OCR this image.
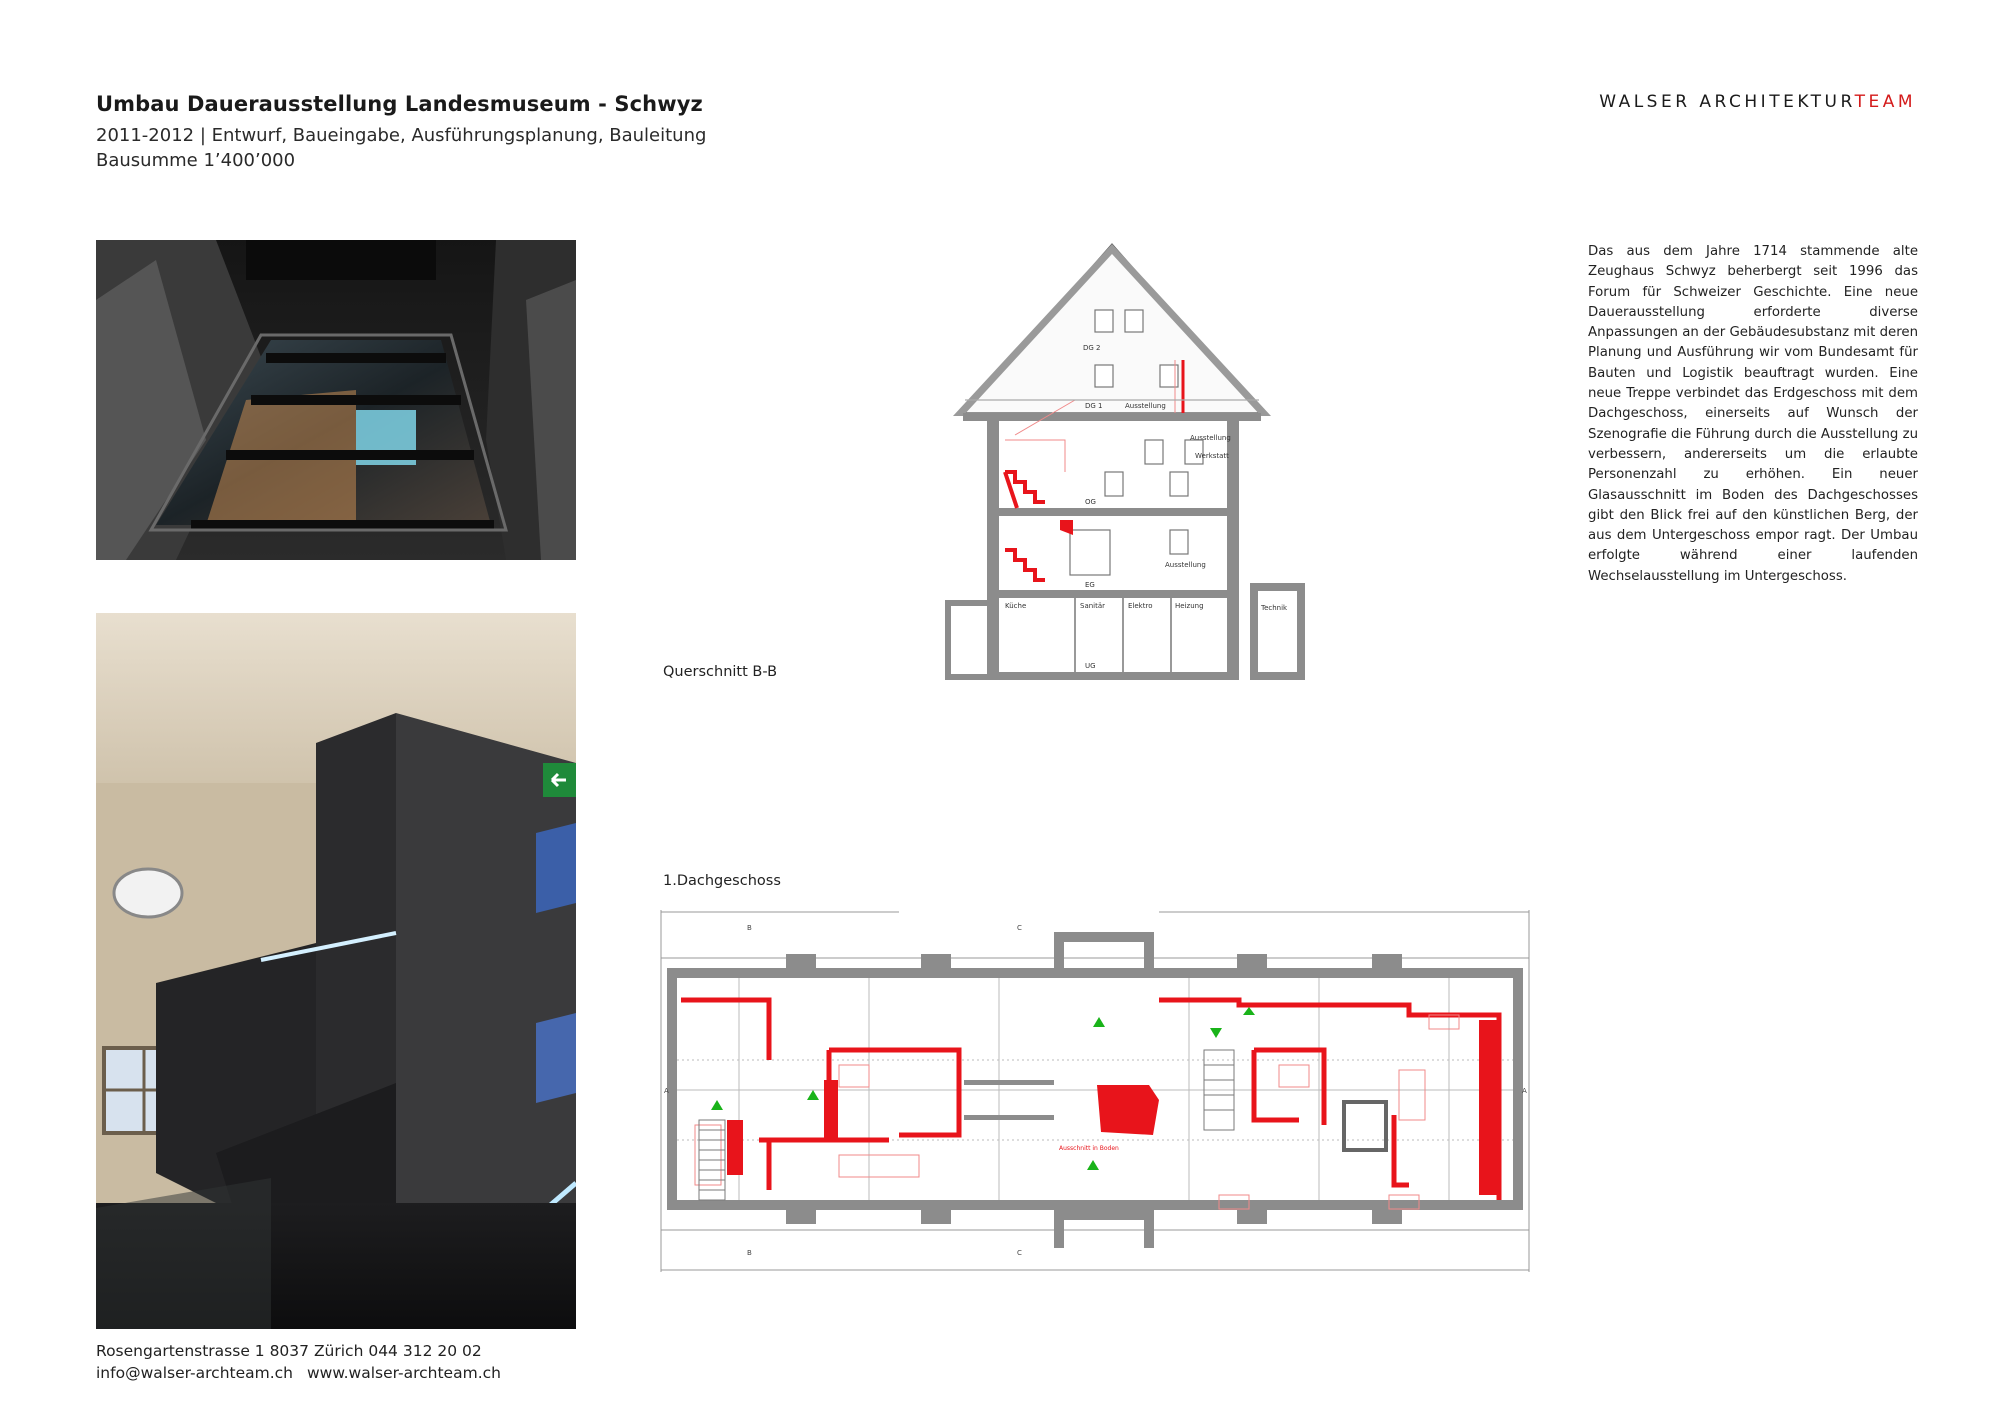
Umbau Dauerausstellung Landesmuseum - Schwyz
2011-2012 | Entwurf, Baueingabe, Ausführungsplanung, Bauleitung
Bausumme 1’400’000
WALSER ARCHITEKTURTEAM
DG 2
DG 1
OG
EG
UG
Ausstellung
Ausstellung
Ausstellung
Werkstatt
Küche	Sanitär	Elektro	Heizung	Technik
Querschnitt B-B
1.Dachgeschoss
A	A
B	C
B	C
Ausschnitt in Boden
Das aus dem Jahre 1714 stammende alte Zeughaus Schwyz beherbergt seit 1996 das Forum für Schweizer Geschichte. Eine neue Dauerausstellung erforderte diverse Anpassungen an der Gebäudesubstanz mit deren Planung und Ausführung wir vom Bundesamt für Bauten und Logistik beauftragt wurden. Eine neue Treppe verbindet das Erdgeschoss mit dem Dachgeschoss, einerseits auf Wunsch der Szenografie die Führung durch die Ausstellung zu verbessern, andererseits um die erlaubte Personenzahl zu erhöhen. Ein neuer Glasausschnitt im Boden des Dachgeschosses gibt den Blick frei auf den künstlichen Berg, der aus dem Untergeschoss empor ragt. Der Umbau erfolgte während einer laufenden Wechselausstellung im Untergeschoss.
Rosengartenstrasse 1 8037 Zürich 044 312 20 02
info@walser-archteam.ch www.walser-archteam.ch
